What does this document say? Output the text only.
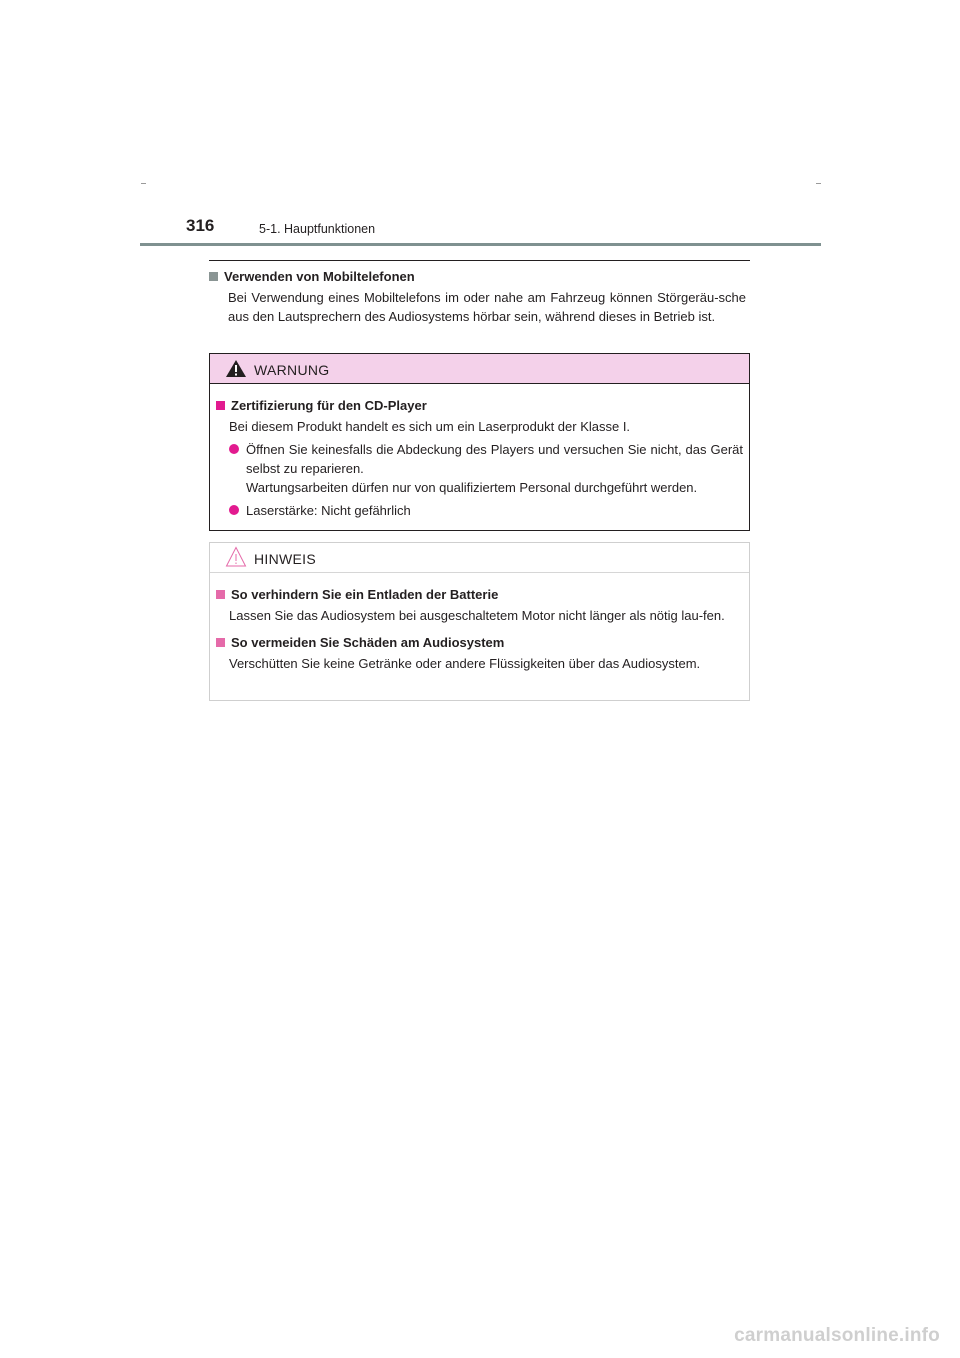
316	5-1. Hauptfunktionen
Verwenden von Mobiltelefonen
Bei Verwendung eines Mobiltelefons im oder nahe am Fahrzeug können Störgeräu-sche aus den Lautsprechern des Audiosystems hörbar sein, während dieses in Betrieb ist.
WARNUNG
Zertifizierung für den CD-Player
Bei diesem Produkt handelt es sich um ein Laserprodukt der Klasse I.
Öffnen Sie keinesfalls die Abdeckung des Players und versuchen Sie nicht, das Gerät selbst zu reparieren.
Wartungsarbeiten dürfen nur von qualifiziertem Personal durchgeführt werden.
Laserstärke: Nicht gefährlich
HINWEIS
So verhindern Sie ein Entladen der Batterie
Lassen Sie das Audiosystem bei ausgeschaltetem Motor nicht länger als nötig lau-fen.
So vermeiden Sie Schäden am Audiosystem
Verschütten Sie keine Getränke oder andere Flüssigkeiten über das Audiosystem.
carmanualsonline.info
